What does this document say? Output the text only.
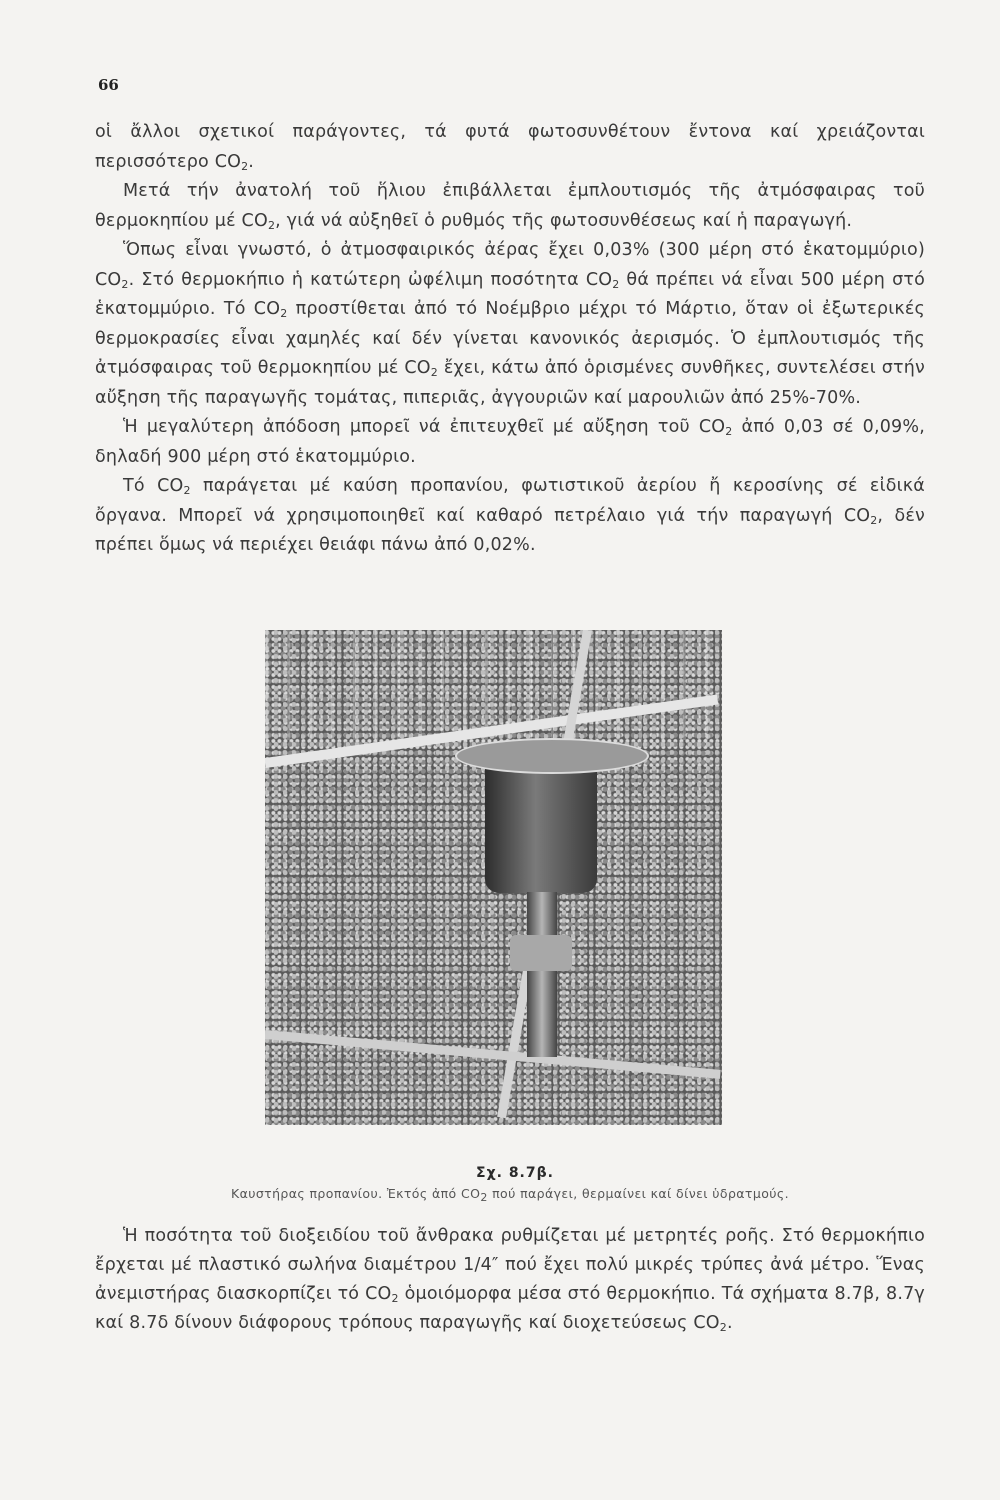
66

οἱ ἄλλοι σχετικοί παράγοντες, τά φυτά φωτοσυνθέτουν ἔντονα καί χρειάζονται περισσότερο $CO_2$.

Μετά τήν ἀνατολή τοῦ ἥλιου ἐπιβάλλεται ἐμπλουτισμός τῆς ἀτμόσφαιρας τοῦ θερμοκηπίου μέ $CO_2$, γιά νά αὐξηθεῖ ὁ ρυθμός τῆς φωτοσυνθέσεως καί ἡ παραγωγή.

Ὅπως εἶναι γνωστό, ὁ ἀτμοσφαιρικός ἀέρας ἔχει 0,03% (300 μέρη στό ἑκατομμύριο) $CO_2$. Στό θερμοκήπιο ἡ κατώτερη ὠφέλιμη ποσότητα $CO_2$ θά πρέπει νά εἶναι 500 μέρη στό ἑκατομμύριο. Τό $CO_2$ προστίθεται ἀπό τό Νοέμβριο μέχρι τό Μάρτιο, ὅταν οἱ ἐξωτερικές θερμοκρασίες εἶναι χαμηλές καί δέν γίνεται κανονικός ἀερισμός. Ὁ ἐμπλουτισμός τῆς ἀτμόσφαιρας τοῦ θερμοκηπίου μέ $CO_2$ ἔχει, κάτω ἀπό ὁρισμένες συνθῆκες, συντελέσει στήν αὔξηση τῆς παραγωγῆς τομάτας, πιπεριᾶς, ἀγγουριῶν καί μαρουλιῶν ἀπό 25%-70%.

Ἡ μεγαλύτερη ἀπόδοση μπορεῖ νά ἐπιτευχθεῖ μέ αὔξηση τοῦ $CO_2$ ἀπό 0,03 σέ 0,09%, δηλαδή 900 μέρη στό ἑκατομμύριο.

Τό $CO_2$ παράγεται μέ καύση προπανίου, φωτιστικοῦ ἀερίου ἤ κεροσίνης σέ εἰδικά ὄργανα. Μπορεῖ νά χρησιμοποιηθεῖ καί καθαρό πετρέλαιο γιά τήν παραγωγή $CO_2$, δέν πρέπει ὅμως νά περιέχει θειάφι πάνω ἀπό 0,02%.

Σχ. 8.7β.
Καυστήρας προπανίου. Ἐκτός ἀπό $CO_2$ πού παράγει, θερμαίνει καί δίνει ὑδρατμούς.

Ἡ ποσότητα τοῦ διοξειδίου τοῦ ἄνθρακα ρυθμίζεται μέ μετρητές ροῆς. Στό θερμοκήπιο ἔρχεται μέ πλαστικό σωλήνα διαμέτρου 1/4″ πού ἔχει πολύ μικρές τρύπες ἀνά μέτρο. Ἕνας ἀνεμιστήρας διασκορπίζει τό $CO_2$ ὁμοιόμορφα μέσα στό θερμοκήπιο. Τά σχήματα 8.7β, 8.7γ καί 8.7δ δίνουν διάφορους τρόπους παραγωγῆς καί διοχετεύσεως $CO_2$.
